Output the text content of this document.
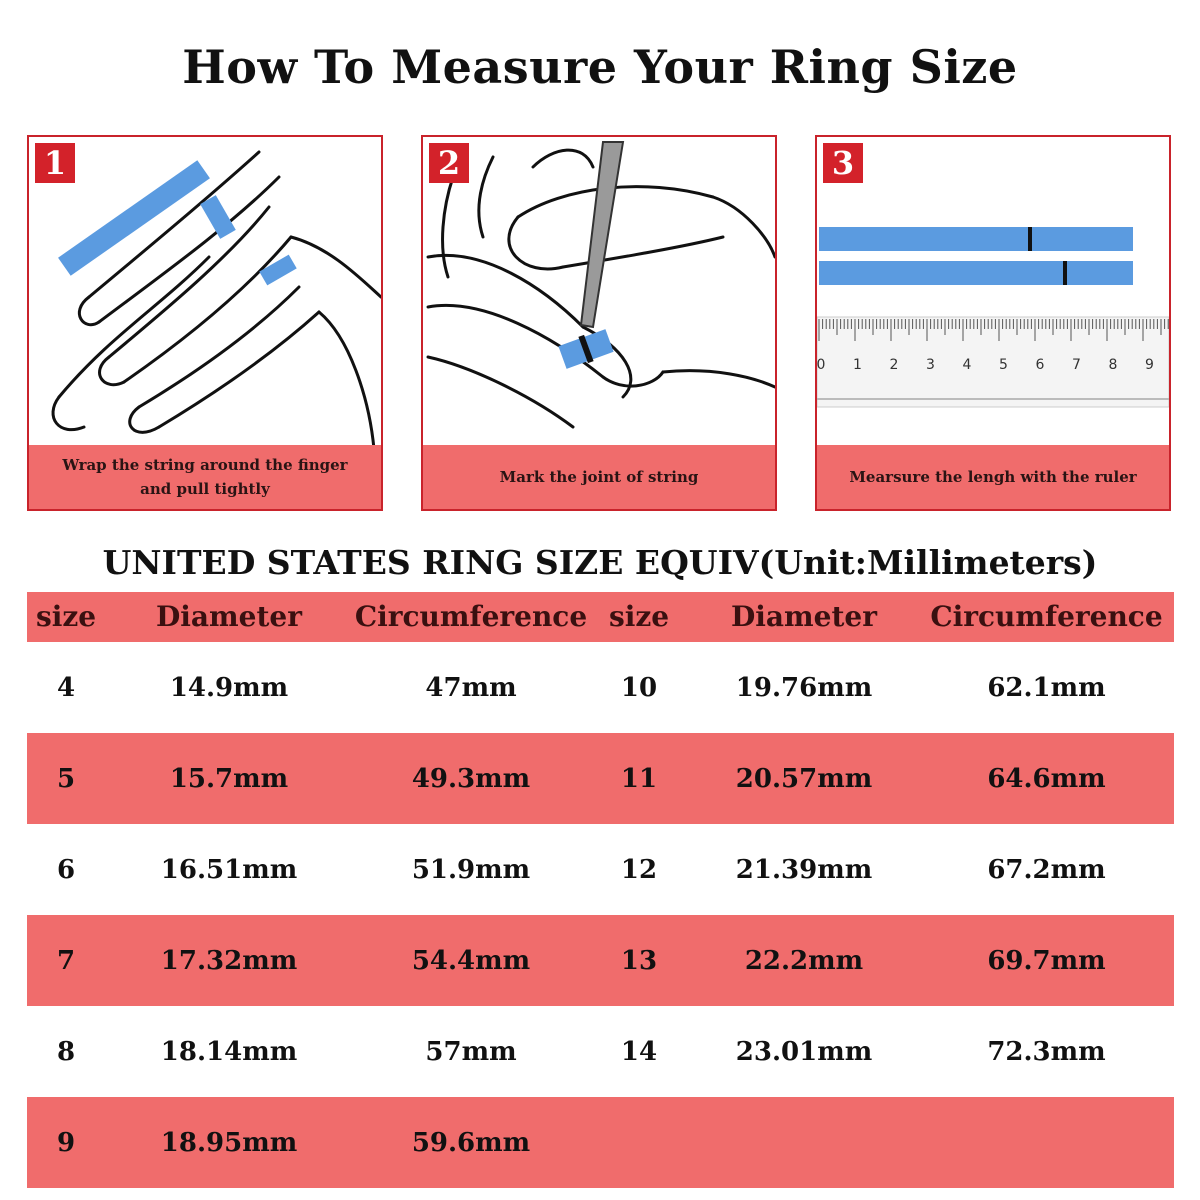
How To Measure Your Ring Size
1
Wrap the string around the finger
and pull tightly
2
Mark the joint of string
3
0 1 2 3 4 5 6 7 8 9
Mearsure the lengh with the ruler
UNITED STATES RING SIZE EQUIV(Unit:Millimeters)
size	Diameter	Circumference size	Diameter	Circumference
4	14.9mm	47mm	10	19.76mm	62.1mm
5	15.7mm	49.3mm	11	20.57mm	64.6mm
6	16.51mm	51.9mm	12	21.39mm	67.2mm
7	17.32mm	54.4mm	13	22.2mm	69.7mm
8	18.14mm	57mm	14	23.01mm	72.3mm
9	18.95mm	59.6mm
